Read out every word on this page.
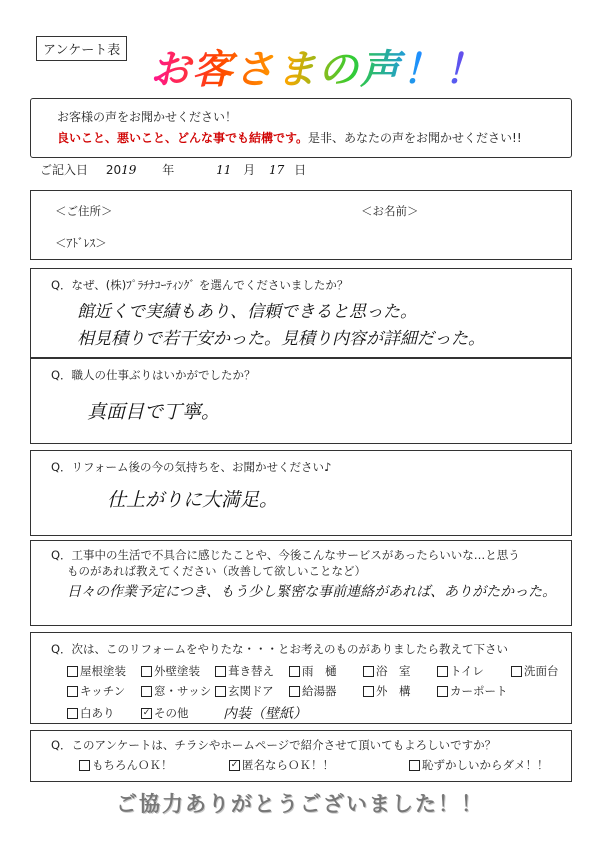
アンケート表 お客さまの声！！
お客様の声をお聞かせください！
良いこと、悪いこと、どんな事でも結構です。是非、あなたの声をお聞かせください!!
ご記入日 2019 年	11 月 17 日
＜ご住所＞	＜お名前＞
＜ｱﾄﾞﾚｽ＞
Q．なぜ、(株)ﾌﾟﾗﾁﾅｺｰﾃｨﾝｸﾞ を選んでくださいましたか？
館近くで実績もあり、信頼できると思った。
相見積りで若干安かった。見積り内容が詳細だった。
Q．職人の仕事ぶりはいかがでしたか？
真面目で丁寧。
Q．リフォーム後の今の気持ちを、お聞かせください♪
仕上がりに大満足。
Q．工事中の生活で不具合に感じたことや、今後こんなサービスがあったらいいな…と思う
ものがあれば教えてください（改善して欲しいことなど）
日々の作業予定につき、もう少し緊密な事前連絡があれば、ありがたかった。
Q．次は、このリフォームをやりたな・・・とお考えのものがありましたら教えて下さい
屋根塗装 外壁塗装 葺き替え 雨　樋	浴　室	トイレ	洗面台
キッチン	窓・サッシ 玄関ドア 給湯器	外　構	カーポート
白あり	✓ その他 内装（壁紙）
Q．このアンケートは、チラシやホームページで紹介させて頂いてもよろしいですか？
もちろんＯＫ！	✓ 匿名ならＯＫ！！	恥ずかしいからダメ！！
ご協力ありがとうございました！！
